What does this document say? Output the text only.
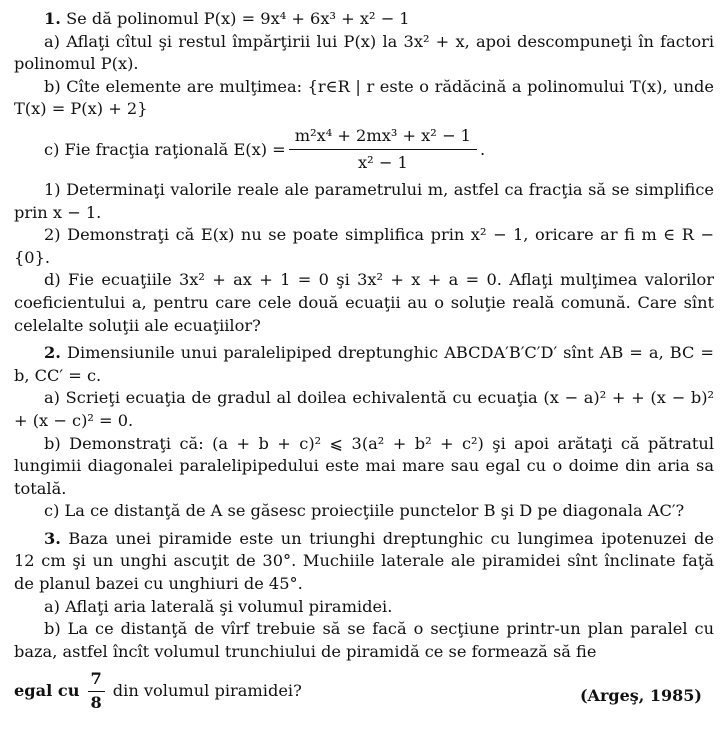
1. Se dă polinomul P(x) = 9x⁴ + 6x³ + x² − 1

a) Aflaţi cîtul şi restul împărţirii lui P(x) la 3x² + x, apoi descompuneţi în factori polinomul P(x).

b) Cîte elemente are mulţimea: {r∈R | r este o rădăcină a polinomului T(x), unde T(x) = P(x) + 2}

c) Fie fracţia raţională $E(x) = \frac{\text{m²x⁴ + 2mx³ + x² − 1}}{\text{x² − 1}}$ .

1) Determinaţi valorile reale ale parametrului m, astfel ca fracţia să se simplifice prin x − 1.

2) Demonstraţi că E(x) nu se poate simplifica prin x² − 1, oricare ar fi m ∈ R − {0}.

d) Fie ecuaţiile 3x² + ax + 1 = 0 şi 3x² + x + a = 0. Aflaţi mulţimea valorilor coeficientului a, pentru care cele două ecuaţii au o soluţie reală comună. Care sînt celelalte soluţii ale ecuaţiilor?

2. Dimensiunile unui paralelipiped dreptunghic ABCDA′B′C′D′ sînt AB = a, BC = b, CC′ = c.

a) Scrieţi ecuaţia de gradul al doilea echivalentă cu ecuaţia (x − a)² + + (x − b)² + (x − c)² = 0.

b) Demonstraţi că: (a + b + c)² ⩽ 3(a² + b² + c²) şi apoi arătaţi că pătratul lungimii diagonalei paralelipipedului este mai mare sau egal cu o doime din aria sa totală.

c) La ce distanţă de A se găsesc proiecţiile punctelor B şi D pe diagonala AC′?

3. Baza unei piramide este un triunghi dreptunghic cu lungimea ipotenuzei de 12 cm şi un unghi ascuţit de 30°. Muchiile laterale ale piramidei sînt înclinate faţă de planul bazei cu unghiuri de 45°.

a) Aflaţi aria laterală şi volumul piramidei.

b) La ce distanţă de vîrf trebuie să se facă o secţiune printr-un plan paralel cu baza, astfel încît volumul trunchiului de piramidă ce se formează să fie

egal cu $\frac{7}{8}$ din volumul piramidei?	(Argeş, 1985)
